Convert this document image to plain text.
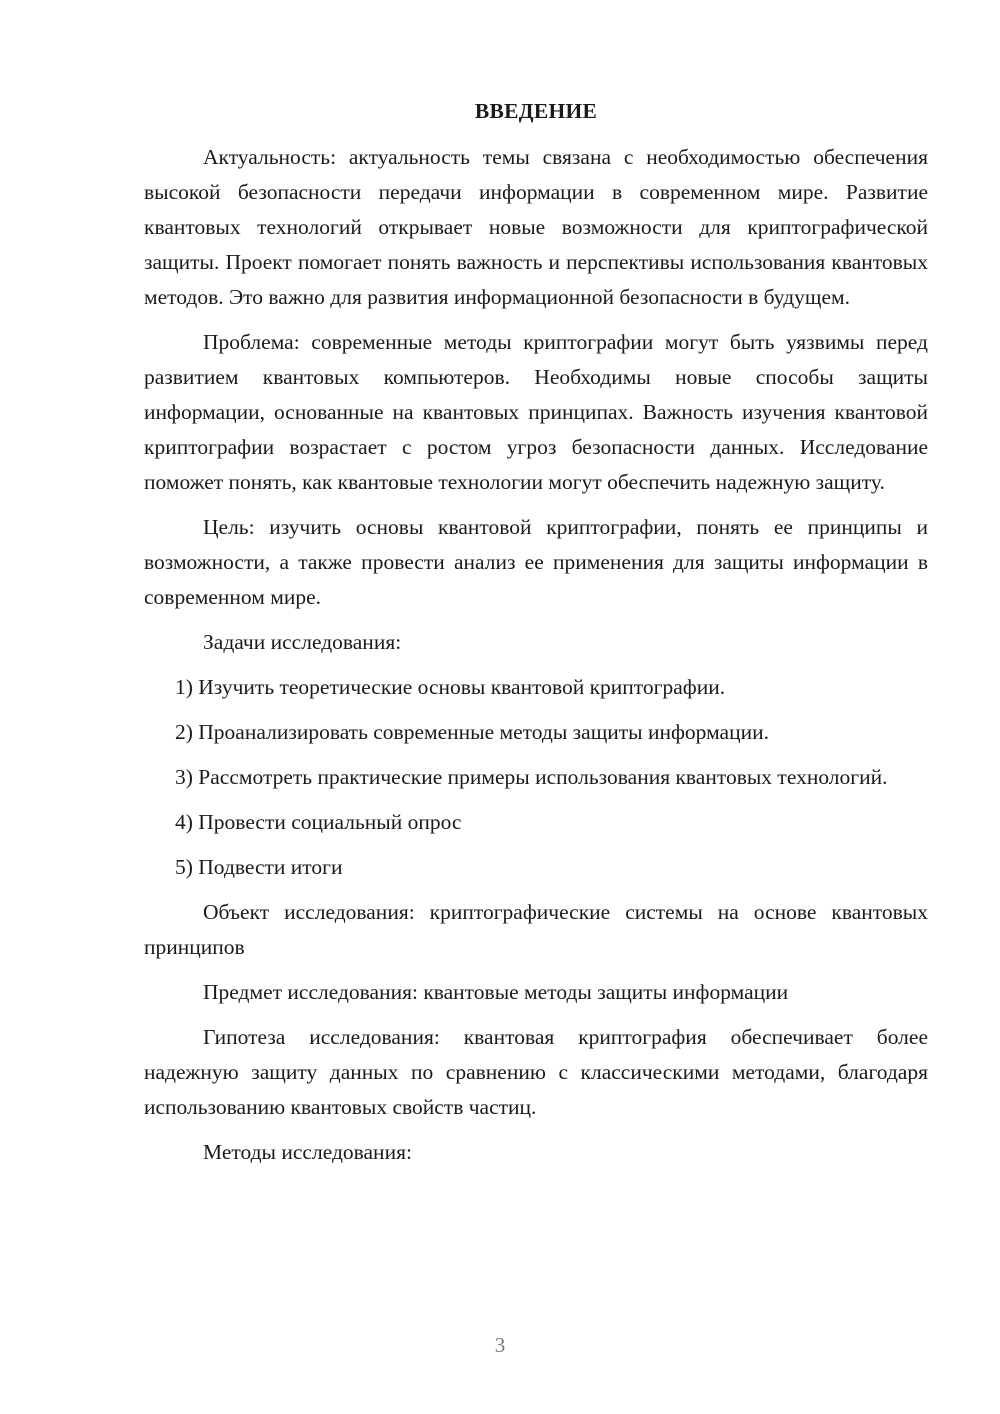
ВВЕДЕНИЕ

Актуальность: актуальность темы связана с необходимостью обеспечения высокой безопасности передачи информации в современном мире. Развитие квантовых технологий открывает новые возможности для криптографической защиты. Проект помогает понять важность и перспективы использования квантовых методов. Это важно для развития информационной безопасности в будущем.

Проблема: современные методы криптографии могут быть уязвимы перед развитием квантовых компьютеров. Необходимы новые способы защиты информации, основанные на квантовых принципах. Важность изучения квантовой криптографии возрастает с ростом угроз безопасности данных. Исследование поможет понять, как квантовые технологии могут обеспечить надежную защиту.

Цель: изучить основы квантовой криптографии, понять ее принципы и возможности, а также провести анализ ее применения для защиты информации в современном мире.

Задачи исследования:

1) Изучить теоретические основы квантовой криптографии.

2) Проанализировать современные методы защиты информации.

3) Рассмотреть практические примеры использования квантовых технологий.

4) Провести социальный опрос

5) Подвести итоги

Объект исследования: криптографические системы на основе квантовых принципов

Предмет исследования: квантовые методы защиты информации

Гипотеза исследования: квантовая криптография обеспечивает более надежную защиту данных по сравнению с классическими методами, благодаря использованию квантовых свойств частиц.

Методы исследования:

3
